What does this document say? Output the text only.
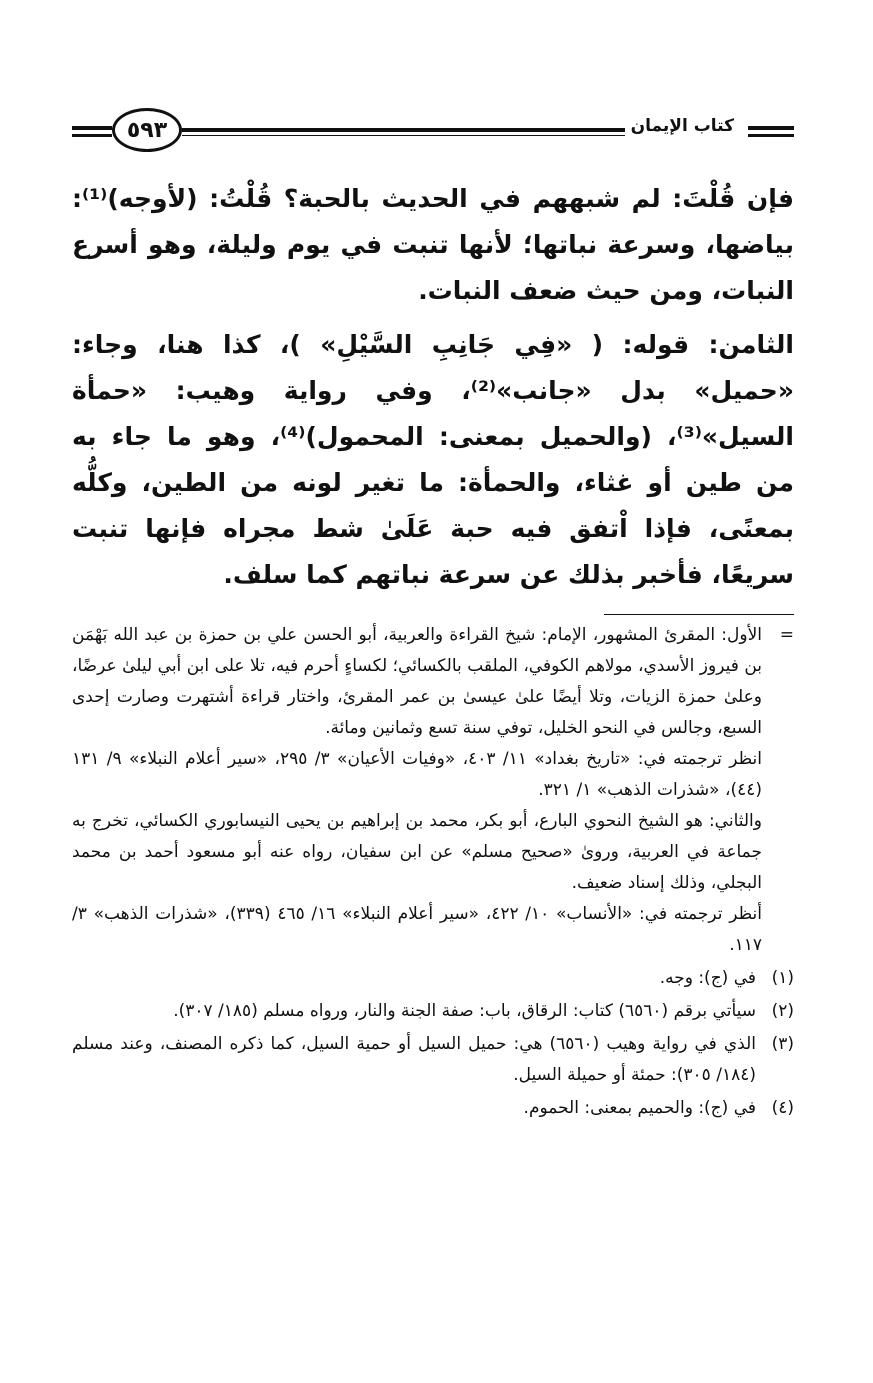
٥٩٣	كتاب الإيمان

فإن قُلْتَ: لم شبههم في الحديث بالحبة؟ قُلْتُ: (لأوجه)⁽¹⁾: بياضها، وسرعة نباتها؛ لأنها تنبت في يوم وليلة، وهو أسرع النبات، ومن حيث ضعف النبات.

الثامن: قوله: ( «فِي جَانِبِ السَّيْلِ» )، كذا هنا، وجاء: «حميل» بدل «جانب»⁽²⁾، وفي رواية وهيب: «حمأة السيل»⁽³⁾، (والحميل بمعنى: المحمول)⁽⁴⁾، وهو ما جاء به من طين أو غثاء، والحمأة: ما تغير لونه من الطين، وكلُّه بمعنًى، فإذا اْتفق فيه حبة عَلَىٰ شط مجراه فإنها تنبت سريعًا، فأخبر بذلك عن سرعة نباتهم كما سلف.

=
الأول: المقرئ المشهور، الإمام: شيخ القراءة والعربية، أبو الحسن علي بن حمزة بن عبد الله بَهْمَن بن فيروز الأسدي، مولاهم الكوفي، الملقب بالكسائي؛ لكساءٍ أحرم فيه، تلا على ابن أبي ليلىٰ عرضًا، وعلىٰ حمزة الزيات، وتلا أيضًا علىٰ عيسىٰ بن عمر المقرئ، واختار قراءة أشتهرت وصارت إحدى السبع، وجالس في النحو الخليل، توفي سنة تسع وثمانين ومائة.

انظر ترجمته في: «تاريخ بغداد» ١١/ ٤٠٣، «وفيات الأعيان» ٣/ ٢٩٥، «سير أعلام النبلاء» ٩/ ١٣١ (٤٤)، «شذرات الذهب» ١/ ٣٢١.

والثاني: هو الشيخ النحوي البارع، أبو بكر، محمد بن إبراهيم بن يحيى النيسابوري الكسائي، تخرج به جماعة في العربية، ورویٰ «صحيح مسلم» عن ابن سفيان، رواه عنه أبو مسعود أحمد بن محمد البجلي، وذلك إسناد ضعيف.

أنظر ترجمته في: «الأنساب» ١٠/ ٤٢٢، «سير أعلام النبلاء» ١٦/ ٤٦٥ (٣٣٩)، «شذرات الذهب» ٣/ ١١٧.

(١)
في (ج): وجه.
(٢)
سيأتي برقم (٦٥٦٠) كتاب: الرقاق، باب: صفة الجنة والنار، ورواه مسلم (١٨٥/ ٣٠٧).
(٣)
الذي في رواية وهيب (٦٥٦٠) هي: حميل السيل أو حمية السيل، كما ذكره المصنف، وعند مسلم (١٨٤/ ٣٠٥): حمئة أو حميلة السيل.
(٤)
في (ج): والحميم بمعنى: الحموم.
